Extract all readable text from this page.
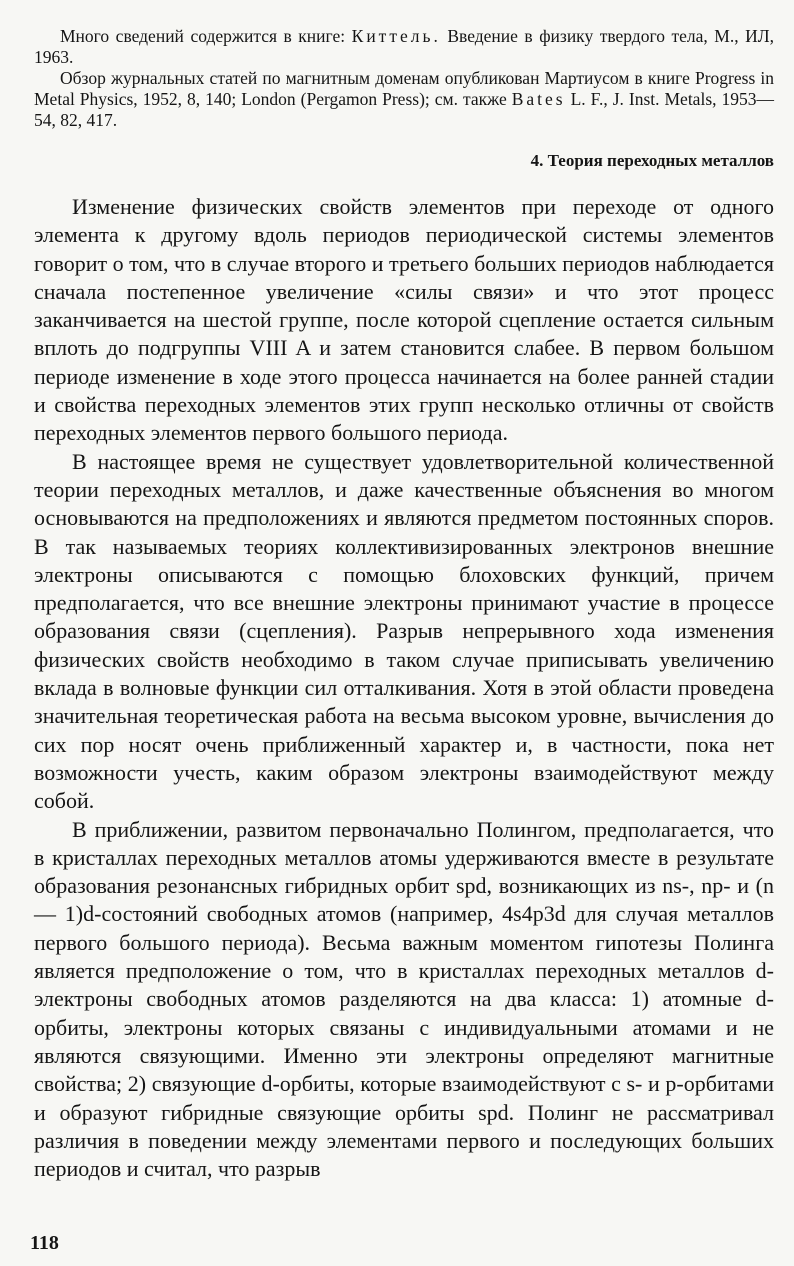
Много сведений содержится в книге: Киттель. Введение в физику твердого тела, М., ИЛ, 1963.

Обзор журнальных статей по магнитным доменам опубликован Мартиусом в книге Progress in Metal Physics, 1952, 8, 140; London (Pergamon Press); см. также Bates L. F., J. Inst. Metals, 1953—54, 82, 417.

4. Теория переходных металлов

Изменение физических свойств элементов при переходе от одного элемента к другому вдоль периодов периодической системы элементов говорит о том, что в случае второго и третьего больших периодов наблюдается сначала постепенное увеличение «силы связи» и что этот процесс заканчивается на шестой группе, после которой сцепление остается сильным вплоть до подгруппы VIII A и затем становится слабее. В первом большом периоде изменение в ходе этого процесса начинается на более ранней стадии и свойства переходных элементов этих групп несколько отличны от свойств переходных элементов первого большого периода.

В настоящее время не существует удовлетворительной количественной теории переходных металлов, и даже качественные объяснения во многом основываются на предположениях и являются предметом постоянных споров. В так называемых теориях коллективизированных электронов внешние электроны описываются с помощью блоховских функций, причем предполагается, что все внешние электроны принимают участие в процессе образования связи (сцепления). Разрыв непрерывного хода изменения физических свойств необходимо в таком случае приписывать увеличению вклада в волновые функции сил отталкивания. Хотя в этой области проведена значительная теоретическая работа на весьма высоком уровне, вычисления до сих пор носят очень приближенный характер и, в частности, пока нет возможности учесть, каким образом электроны взаимодействуют между собой.

В приближении, развитом первоначально Полингом, предполагается, что в кристаллах переходных металлов атомы удерживаются вместе в результате образования резонансных гибридных орбит spd, возникающих из ns-, np- и (n — 1)d-состояний свободных атомов (например, 4s4p3d для случая металлов первого большого периода). Весьма важным моментом гипотезы Полинга является предположение о том, что в кристаллах переходных металлов d-электроны свободных атомов разделяются на два класса: 1) атомные d-орбиты, электроны которых связаны с индивидуальными атомами и не являются связующими. Именно эти электроны определяют магнитные свойства; 2) связующие d-орбиты, которые взаимодействуют с s- и p-орбитами и образуют гибридные связующие орбиты spd. Полинг не рассматривал различия в поведении между элементами первого и последующих больших периодов и считал, что разрыв

118
